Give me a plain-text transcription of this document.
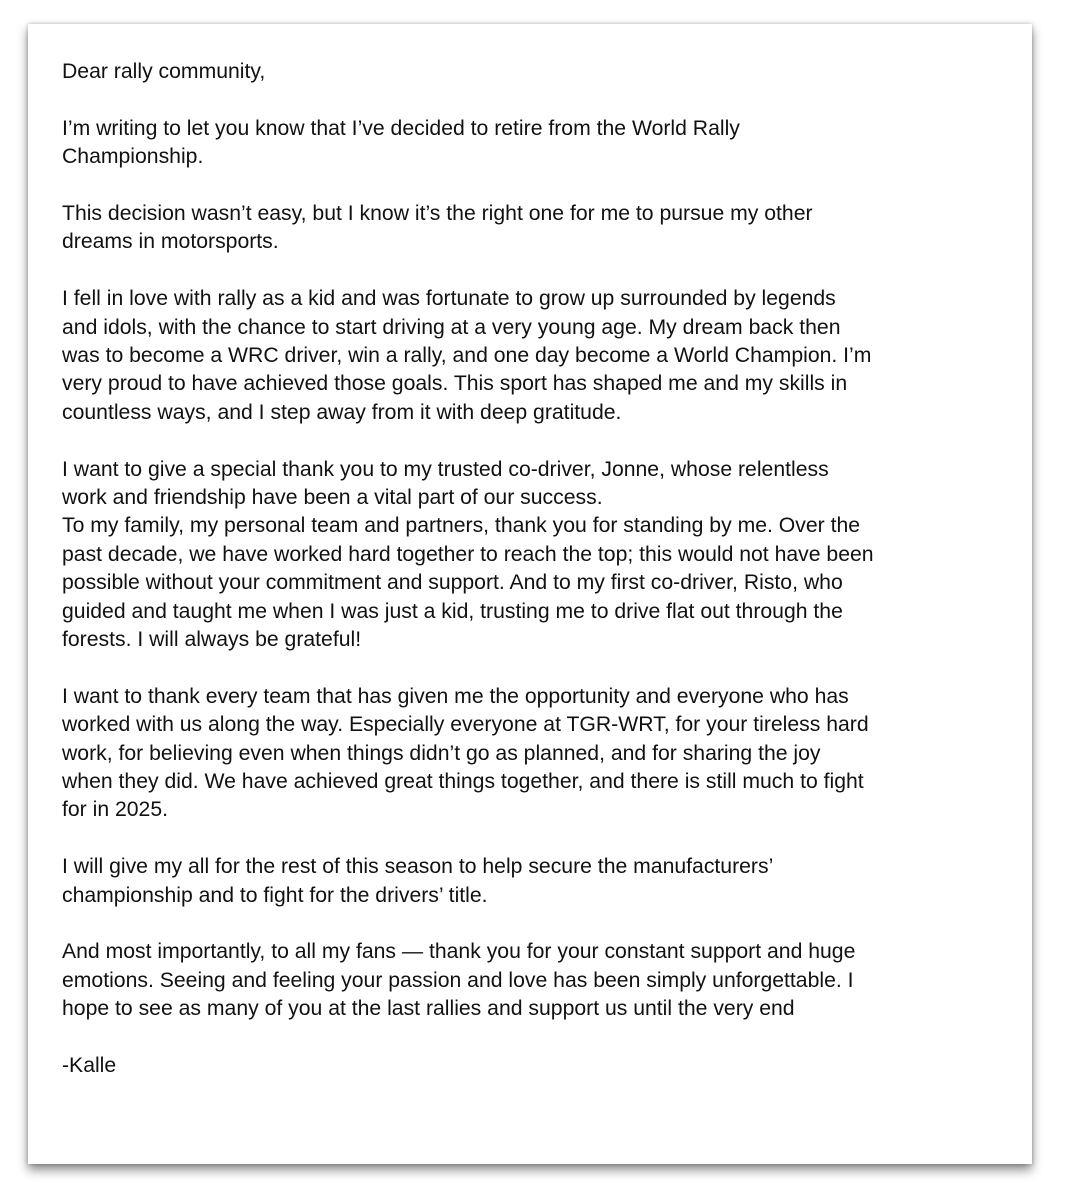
Dear rally community,

I’m writing to let you know that I’ve decided to retire from the World Rally
Championship.

This decision wasn’t easy, but I know it’s the right one for me to pursue my other
dreams in motorsports.

I fell in love with rally as a kid and was fortunate to grow up surrounded by legends
and idols, with the chance to start driving at a very young age. My dream back then
was to become a WRC driver, win a rally, and one day become a World Champion. I’m
very proud to have achieved those goals. This sport has shaped me and my skills in
countless ways, and I step away from it with deep gratitude.

I want to give a special thank you to my trusted co-driver, Jonne, whose relentless
work and friendship have been a vital part of our success.

To my family, my personal team and partners, thank you for standing by me. Over the
past decade, we have worked hard together to reach the top; this would not have been
possible without your commitment and support. And to my first co-driver, Risto, who
guided and taught me when I was just a kid, trusting me to drive flat out through the
forests. I will always be grateful!

I want to thank every team that has given me the opportunity and everyone who has
worked with us along the way. Especially everyone at TGR-WRT, for your tireless hard
work, for believing even when things didn’t go as planned, and for sharing the joy
when they did. We have achieved great things together, and there is still much to fight
for in 2025.

I will give my all for the rest of this season to help secure the manufacturers’
championship and to fight for the drivers’ title.

And most importantly, to all my fans — thank you for your constant support and huge
emotions. Seeing and feeling your passion and love has been simply unforgettable. I
hope to see as many of you at the last rallies and support us until the very end

-Kalle
